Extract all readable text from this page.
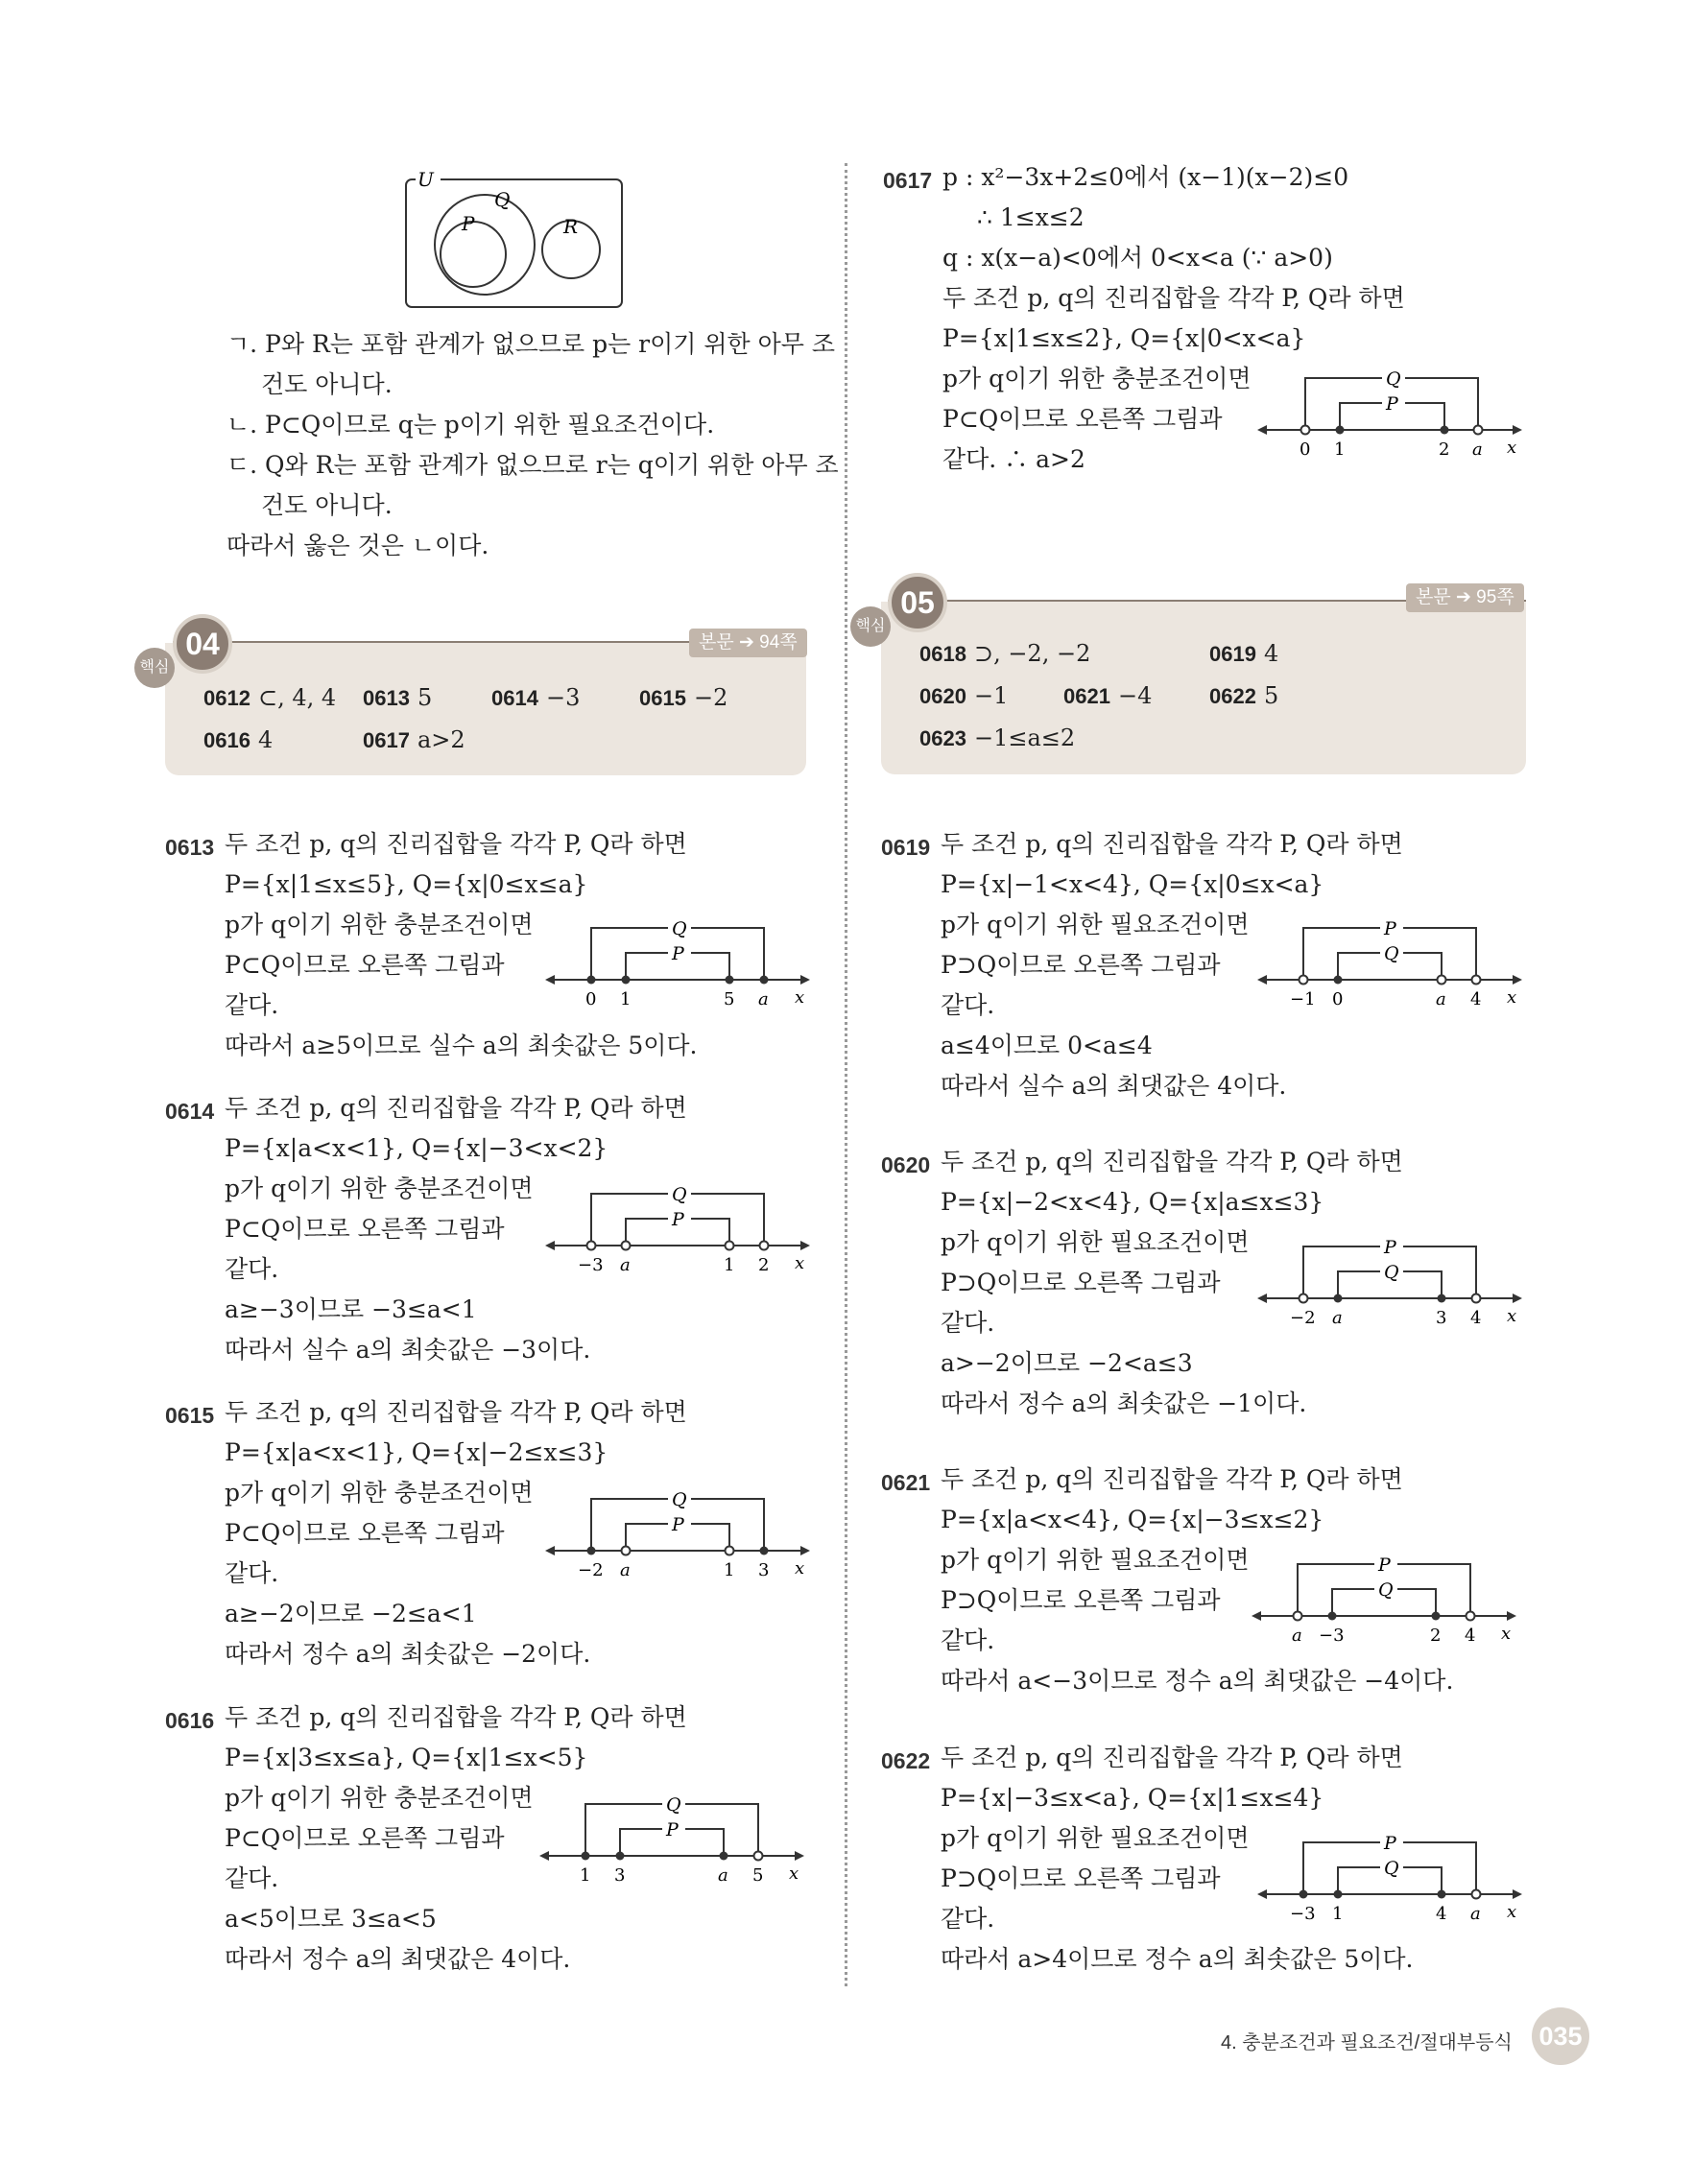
U
Q
P	R
ㄱ. P와 R는 포함 관계가 없으므로 p는 r이기 위한 아무 조
건도 아니다.
ㄴ. P⊂Q이므로 q는 p이기 위한 필요조건이다.
ㄷ. Q와 R는 포함 관계가 없으므로 r는 q이기 위한 아무 조
건도 아니다.
따라서 옳은 것은 ㄴ이다.
0617 p : x²−3x+2≤0에서 (x−1)(x−2)≤0
∴ 1≤x≤2
q : x(x−a)<0에서 0<x<a (∵ a>0)
두 조건 p, q의 진리집합을 각각 P, Q라 하면
P={x|1≤x≤2}, Q={x|0<x<a}
p가 q이기 위한 충분조건이면
P⊂Q이므로 오른쪽 그림과
같다. ∴ a>2
Q
P
0 1	2 a x
04
핵심
본문 ➔ 94쪽
0612 ⊂, 4, 4 0613 5	0614 −3	0615 −2
0616 4	0617 a>2
05
핵심
본문 ➔ 95쪽
0618 ⊃, −2, −2	0619 4
0620 −1	0621 −4	0622 5
0623 −1≤a≤2
0613 두 조건 p, q의 진리집합을 각각 P, Q라 하면
P={x|1≤x≤5}, Q={x|0≤x≤a}
p가 q이기 위한 충분조건이면
P⊂Q이므로 오른쪽 그림과
같다.
따라서 a≥5이므로 실수 a의 최솟값은 5이다.
Q
P
0 1	5 a x
0614 두 조건 p, q의 진리집합을 각각 P, Q라 하면
P={x|a<x<1}, Q={x|−3<x<2}
p가 q이기 위한 충분조건이면
P⊂Q이므로 오른쪽 그림과
같다.
a≥−3이므로 −3≤a<1
따라서 실수 a의 최솟값은 −3이다.
Q
P
−3 a	1 2 x
0615 두 조건 p, q의 진리집합을 각각 P, Q라 하면
P={x|a<x<1}, Q={x|−2≤x≤3}
p가 q이기 위한 충분조건이면
P⊂Q이므로 오른쪽 그림과
같다.
a≥−2이므로 −2≤a<1
따라서 정수 a의 최솟값은 −2이다.
Q
P
−2 a	1 3 x
0616 두 조건 p, q의 진리집합을 각각 P, Q라 하면
P={x|3≤x≤a}, Q={x|1≤x<5}
p가 q이기 위한 충분조건이면
P⊂Q이므로 오른쪽 그림과
같다.
a<5이므로 3≤a<5
따라서 정수 a의 최댓값은 4이다.
Q
P
1 3	a 5 x
0619 두 조건 p, q의 진리집합을 각각 P, Q라 하면
P={x|−1<x<4}, Q={x|0≤x<a}
p가 q이기 위한 필요조건이면
P⊃Q이므로 오른쪽 그림과
같다.
a≤4이므로 0<a≤4
따라서 실수 a의 최댓값은 4이다.
P
Q
−1 0	a 4 x
0620 두 조건 p, q의 진리집합을 각각 P, Q라 하면
P={x|−2<x<4}, Q={x|a≤x≤3}
p가 q이기 위한 필요조건이면
P⊃Q이므로 오른쪽 그림과
같다.
a>−2이므로 −2<a≤3
따라서 정수 a의 최솟값은 −1이다.
P
Q
−2 a	3 4 x
0621 두 조건 p, q의 진리집합을 각각 P, Q라 하면
P={x|a<x<4}, Q={x|−3≤x≤2}
p가 q이기 위한 필요조건이면
P⊃Q이므로 오른쪽 그림과
같다.
따라서 a<−3이므로 정수 a의 최댓값은 −4이다.
P
Q
a −3	2 4 x
0622 두 조건 p, q의 진리집합을 각각 P, Q라 하면
P={x|−3≤x<a}, Q={x|1≤x≤4}
p가 q이기 위한 필요조건이면
P⊃Q이므로 오른쪽 그림과
같다.
따라서 a>4이므로 정수 a의 최솟값은 5이다.
P
Q
−3 1	4 a x
4. 충분조건과 필요조건/절대부등식 035
